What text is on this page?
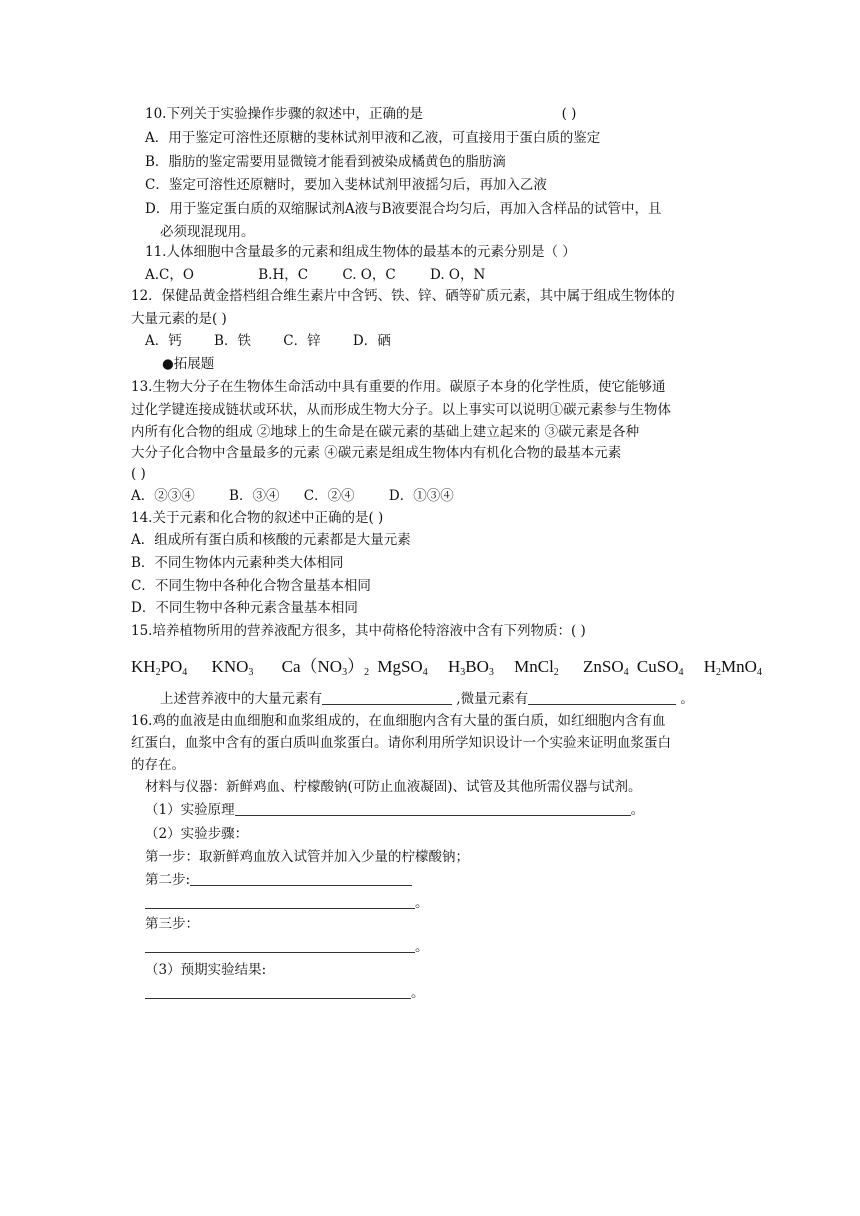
10.下列关于实验操作步骤的叙述中，正确的是	( )
A．用于鉴定可溶性还原糖的斐林试剂甲液和乙液，可直接用于蛋白质的鉴定
B．脂肪的鉴定需要用显微镜才能看到被染成橘黄色的脂肪滴
C．鉴定可溶性还原糖时，要加入斐林试剂甲液摇匀后，再加入乙液
D．用于鉴定蛋白质的双缩脲试剂A液与B液要混合均匀后，再加入含样品的试管中，且
必须现混现用。
11.人体细胞中含量最多的元素和组成生物体的最基本的元素分别是（ ）
A.C，O	B.H，C	C. O，C	D. O，N
12．保健品黄金搭档组合维生素片中含钙、铁、锌、硒等矿质元素，其中属于组成生物体的
大量元素的是( )
A．钙 B．铁 C．锌 D．硒
●拓展题
13.生物大分子在生物体生命活动中具有重要的作用。碳原子本身的化学性质，使它能够通
过化学键连接成链状或环状，从而形成生物大分子。以上事实可以说明①碳元素参与生物体
内所有化合物的组成 ②地球上的生命是在碳元素的基础上建立起来的 ③碳元素是各种
大分子化合物中含量最多的元素 ④碳元素是组成生物体内有机化合物的最基本元素
( )
A．②③④	B．③④ C．②④	D．①③④
14.关于元素和化合物的叙述中正确的是( )
A．组成所有蛋白质和核酸的元素都是大量元素
B．不同生物体内元素种类大体相同
C．不同生物中各种化合物含量基本相同
D．不同生物中各种元素含量基本相同
15.培养植物所用的营养液配方很多，其中荷格伦特溶液中含有下列物质：( )
$KH_2PO_4$ $KNO_3$ $Ca(NO_3)_2$ MgSO$_4$ $H_3BO_3$ MnCl$_2$ ZnSO$_4$ CuSO$_4$ $H_2MnO_4$
上述营养液中的大量元素有	,微量元素有	。
16.鸡的血液是由血细胞和血浆组成的，在血细胞内含有大量的蛋白质，如红细胞内含有血
红蛋白，血浆中含有的蛋白质叫血浆蛋白。请你利用所学知识设计一个实验来证明血浆蛋白
的存在。
材料与仪器：新鲜鸡血、柠檬酸钠(可防止血液凝固)、试管及其他所需仪器与试剂。
（1）实验原理	。
（2）实验步骤：
第一步：取新鲜鸡血放入试管并加入少量的柠檬酸钠；
第二步:
。
第三步：
。
（3）预期实验结果:
。
